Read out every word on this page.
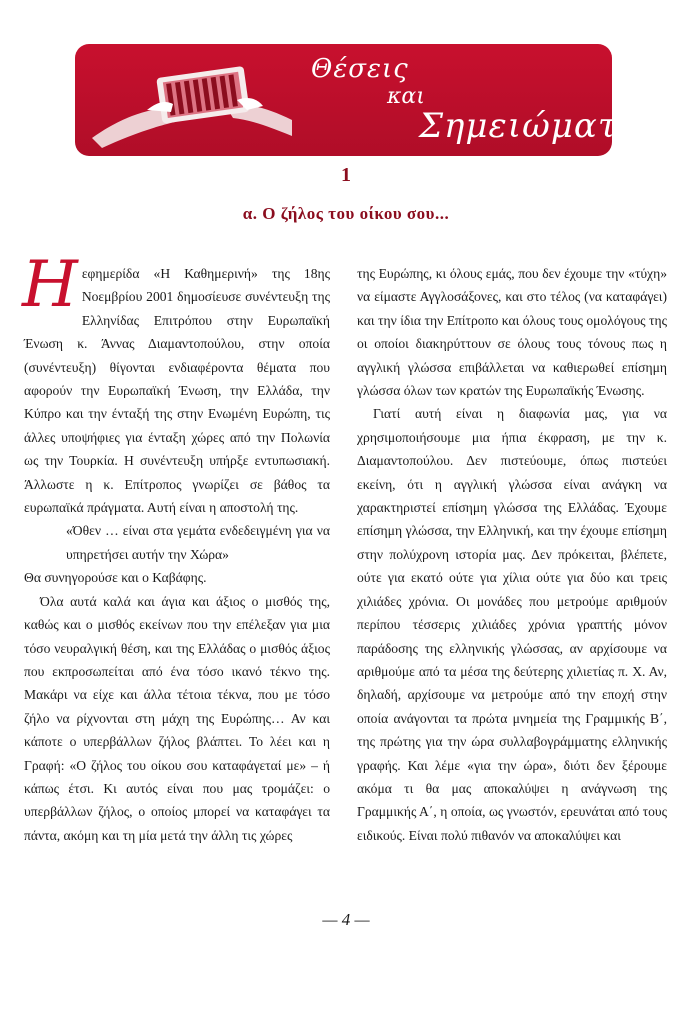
Θέσεις
και
Σημειώματα
1
α. Ο ζήλος του οίκου σου...

Ηεφημερίδα «Η Καθημερινή» της 18ης Νοεμβρίου 2001 δημοσίευσε συνέντευξη της Ελληνίδας Επιτρόπου στην Ευρωπαϊκή Ένωση κ. Άννας Διαμαντοπούλου, στην οποία (συνέντευξη) θίγονται ενδιαφέροντα θέματα που αφορούν την Ευρωπαϊκή Ένωση, την Ελλάδα, την Κύπρο και την ένταξή της στην Ενωμένη Ευρώπη, τις άλλες υποψήφιες για ένταξη χώρες από την Πολωνία ως την Τουρκία. Η συνέντευξη υπήρξε εντυπωσιακή. Άλλωστε η κ. Επίτροπος γνωρίζει σε βάθος τα ευρωπαϊκά πράγματα. Αυτή είναι η αποστολή της.

«Όθεν … είναι στα γεμάτα ενδεδειγμένη για να υπηρετήσει αυτήν την Χώρα»

Θα συνηγορούσε και ο Καβάφης.

Όλα αυτά καλά και άγια και άξιος ο μισθός της, καθώς και ο μισθός εκείνων που την επέλεξαν για μια τόσο νευραλγική θέση, και της Ελλάδας ο μισθός άξιος που εκπροσωπείται από ένα τόσο ικανό τέκνο της. Μακάρι να είχε και άλλα τέτοια τέκνα, που με τόσο ζήλο να ρίχνονται στη μάχη της Ευρώπης… Αν και κάποτε ο υπερβάλλων ζήλος βλάπτει. Το λέει και η Γραφή: «Ο ζήλος του οίκου σου καταφάγεταί με» – ή κάπως έτσι. Κι αυτός είναι που μας τρομάζει: ο υπερβάλλων ζήλος, ο οποίος μπορεί να καταφάγει τα πάντα, ακόμη και τη μία μετά την άλλη τις χώρες

της Ευρώπης, κι όλους εμάς, που δεν έχουμε την «τύχη» να είμαστε Αγγλοσάξονες, και στο τέλος (να καταφάγει) και την ίδια την Επίτροπο και όλους τους ομολόγους της οι οποίοι διακηρύττουν σε όλους τους τόνους πως η αγγλική γλώσσα επιβάλλεται να καθιερωθεί επίσημη γλώσσα όλων των κρατών της Ευρωπαϊκής Ένωσης.

Γιατί αυτή είναι η διαφωνία μας, για να χρησιμοποιήσουμε μια ήπια έκφραση, με την κ. Διαμαντοπούλου. Δεν πιστεύουμε, όπως πιστεύει εκείνη, ότι η αγγλική γλώσσα είναι ανάγκη να χαρακτηριστεί επίσημη γλώσσα της Ελλάδας. Έχουμε επίσημη γλώσσα, την Ελληνική, και την έχουμε επίσημη στην πολύχρονη ιστορία μας. Δεν πρόκειται, βλέπετε, ούτε για εκατό ούτε για χίλια ούτε για δύο και τρεις χιλιάδες χρόνια. Οι μονάδες που μετρούμε αριθμούν περίπου τέσσερις χιλιάδες χρόνια γραπτής μόνον παράδοσης της ελληνικής γλώσσας, αν αρχίσουμε να αριθμούμε από τα μέσα της δεύτερης χιλιετίας π. Χ. Αν, δηλαδή, αρχίσουμε να μετρούμε από την εποχή στην οποία ανάγονται τα πρώτα μνημεία της Γραμμικής Β΄, της πρώτης για την ώρα συλλαβογράμματης ελληνικής γραφής. Και λέμε «για την ώρα», διότι δεν ξέρουμε ακόμα τι θα μας αποκαλύψει η ανάγνωση της Γραμμικής Α΄, η οποία, ως γνωστόν, ερευνάται από τους ειδικούς. Είναι πολύ πιθανόν να αποκαλύψει και

— 4 —
